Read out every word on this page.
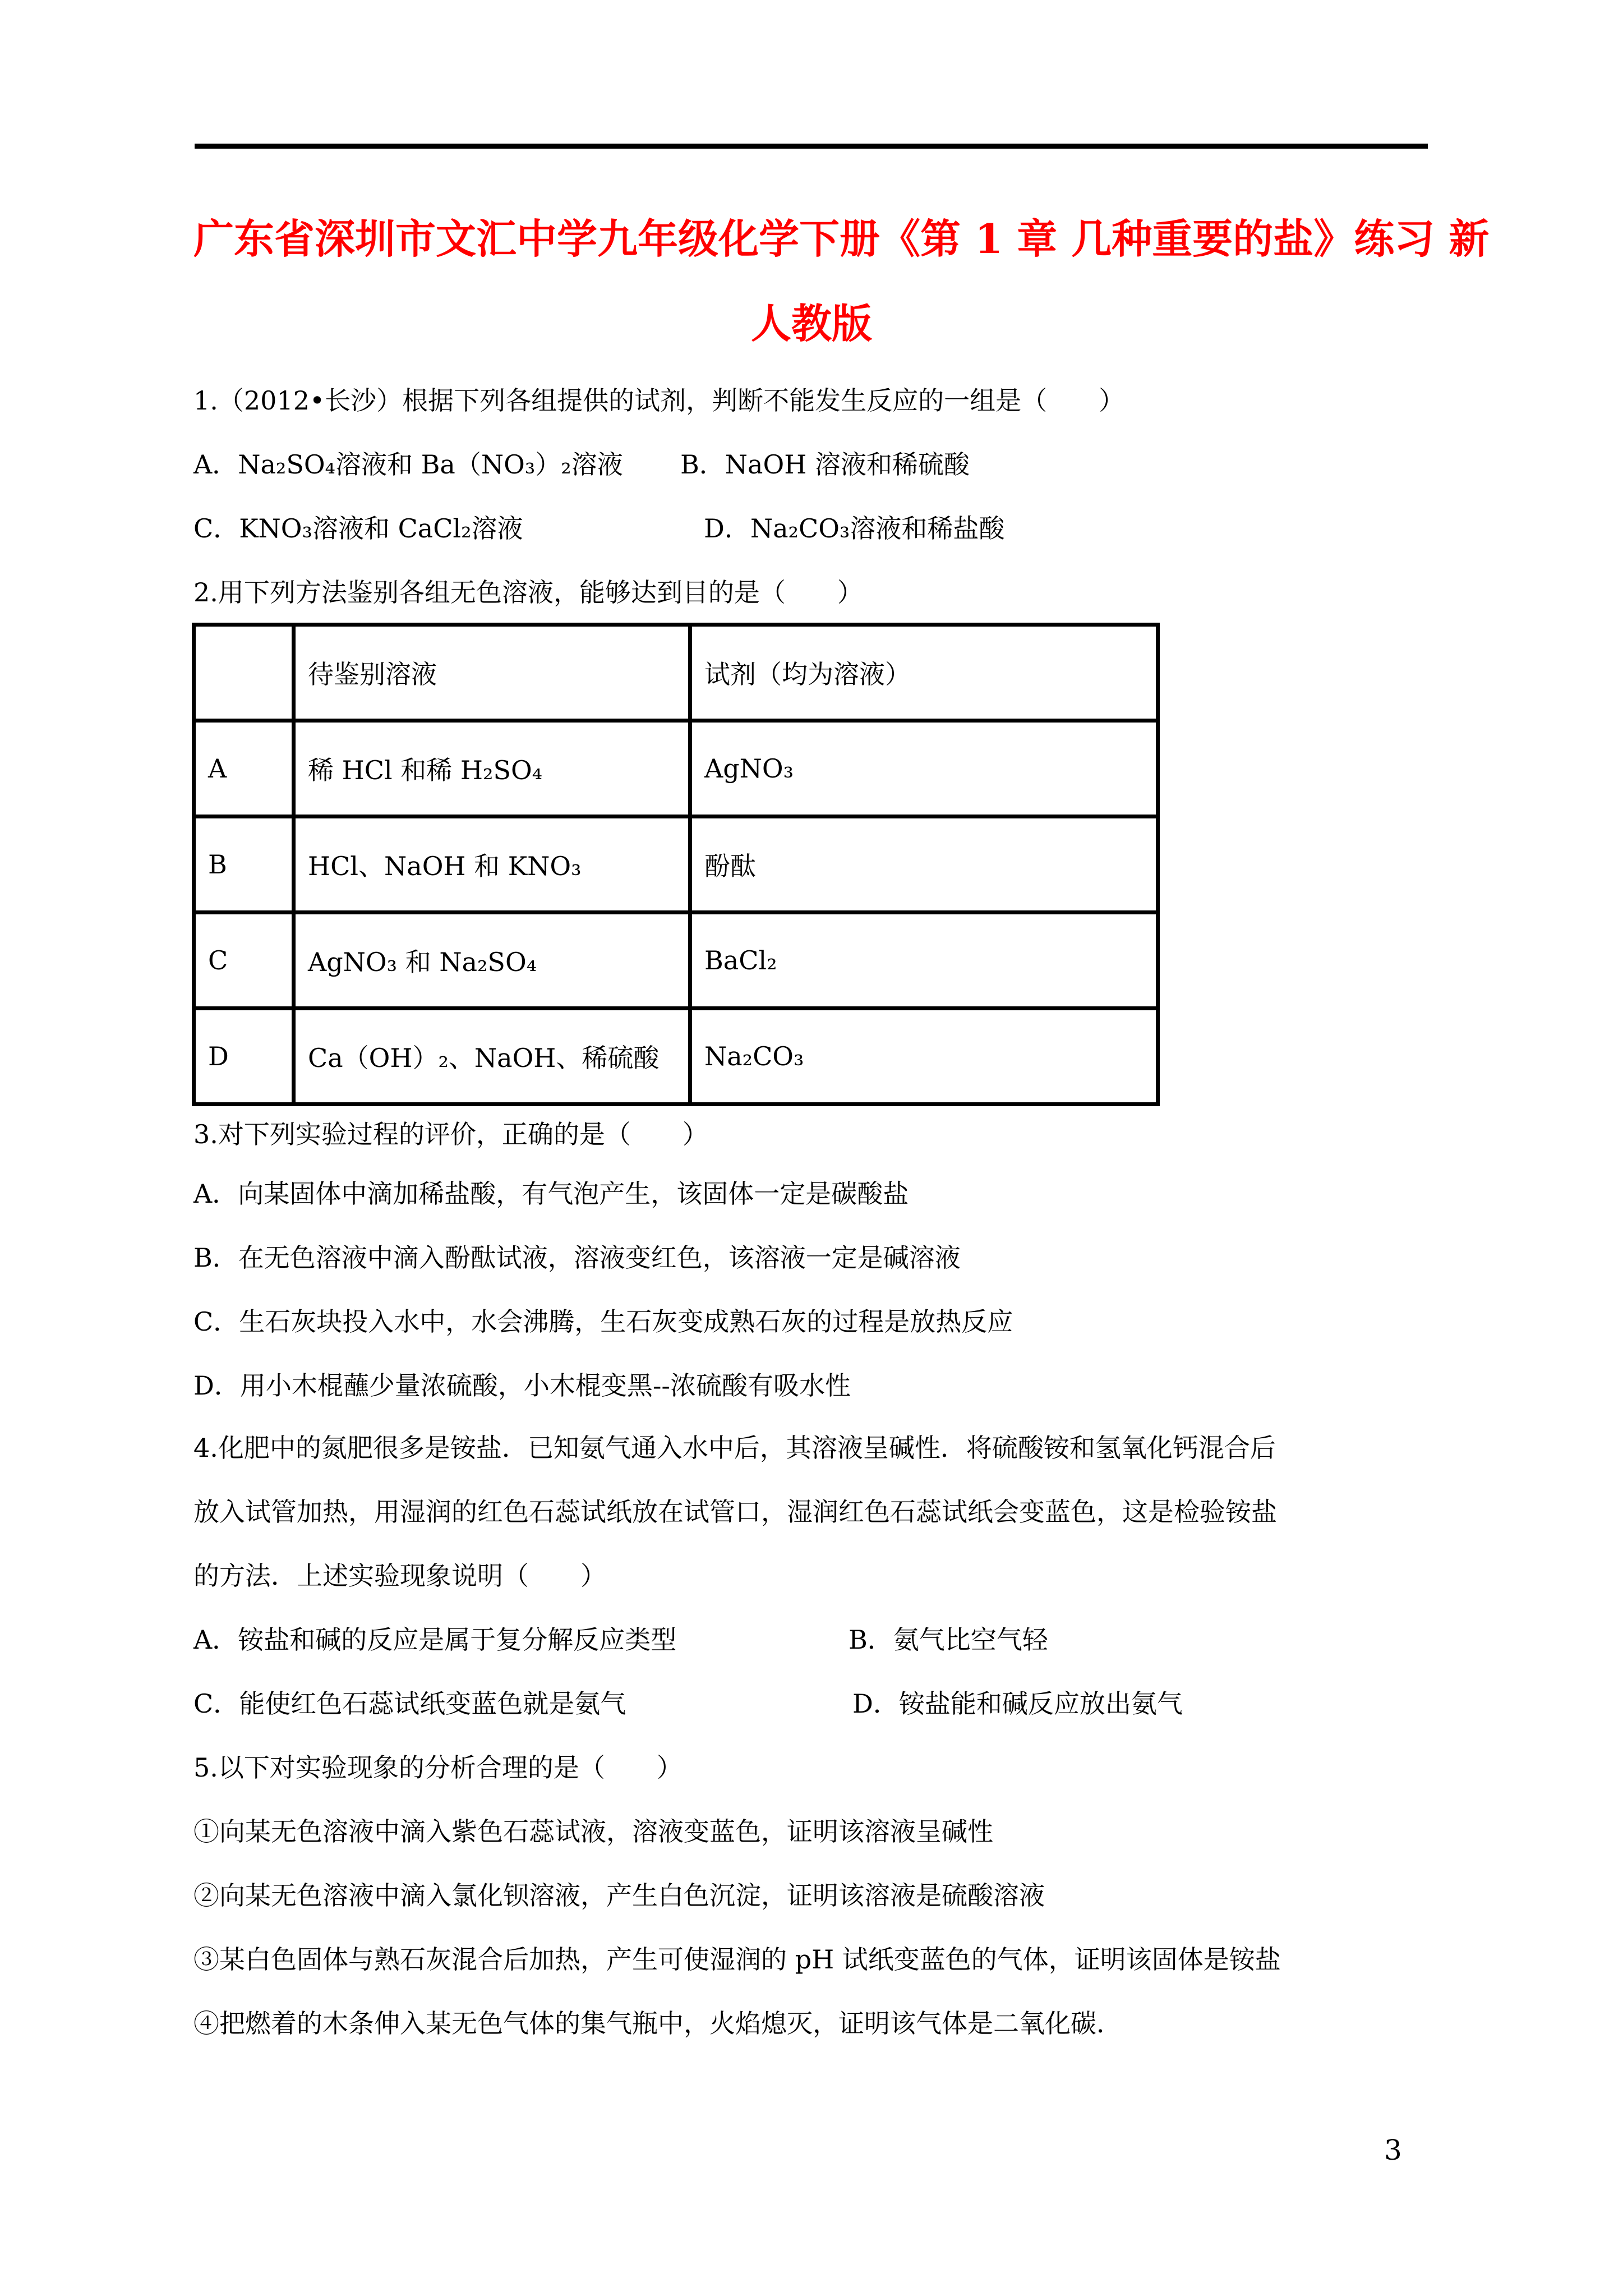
广东省深圳市文汇中学九年级化学下册《第 1 章 几种重要的盐》练习 新
人教版
1.（2012•长沙）根据下列各组提供的试剂，判断不能发生反应的一组是（　　）
A．Na₂SO₄溶液和 Ba（NO₃）₂溶液	B．NaOH 溶液和稀硫酸
C．KNO₃溶液和 CaCl₂溶液	D．Na₂CO₃溶液和稀盐酸
2.用下列方法鉴别各组无色溶液，能够达到目的是（　　）
	待鉴别溶液	试剂（均为溶液）
A	稀 HCl 和稀 H₂SO₄	AgNO₃
B	HCl、NaOH 和 KNO₃	酚酞
C	AgNO₃ 和 Na₂SO₄	BaCl₂
D	Ca（OH）₂、NaOH、稀硫酸	Na₂CO₃
3.对下列实验过程的评价，正确的是（　　）
A．向某固体中滴加稀盐酸，有气泡产生，该固体一定是碳酸盐
B．在无色溶液中滴入酚酞试液，溶液变红色，该溶液一定是碱溶液
C．生石灰块投入水中，水会沸腾，生石灰变成熟石灰的过程是放热反应
D．用小木棍蘸少量浓硫酸，小木棍变黑--浓硫酸有吸水性
4.化肥中的氮肥很多是铵盐．已知氨气通入水中后，其溶液呈碱性．将硫酸铵和氢氧化钙混合后
放入试管加热，用湿润的红色石蕊试纸放在试管口，湿润红色石蕊试纸会变蓝色，这是检验铵盐
的方法．上述实验现象说明（　　）
A．铵盐和碱的反应是属于复分解反应类型	B．氨气比空气轻
C．能使红色石蕊试纸变蓝色就是氨气	D．铵盐能和碱反应放出氨气
5.以下对实验现象的分析合理的是（　　）
①向某无色溶液中滴入紫色石蕊试液，溶液变蓝色，证明该溶液呈碱性
②向某无色溶液中滴入氯化钡溶液，产生白色沉淀，证明该溶液是硫酸溶液
③某白色固体与熟石灰混合后加热，产生可使湿润的 pH 试纸变蓝色的气体，证明该固体是铵盐
④把燃着的木条伸入某无色气体的集气瓶中，火焰熄灭，证明该气体是二氧化碳．
3
